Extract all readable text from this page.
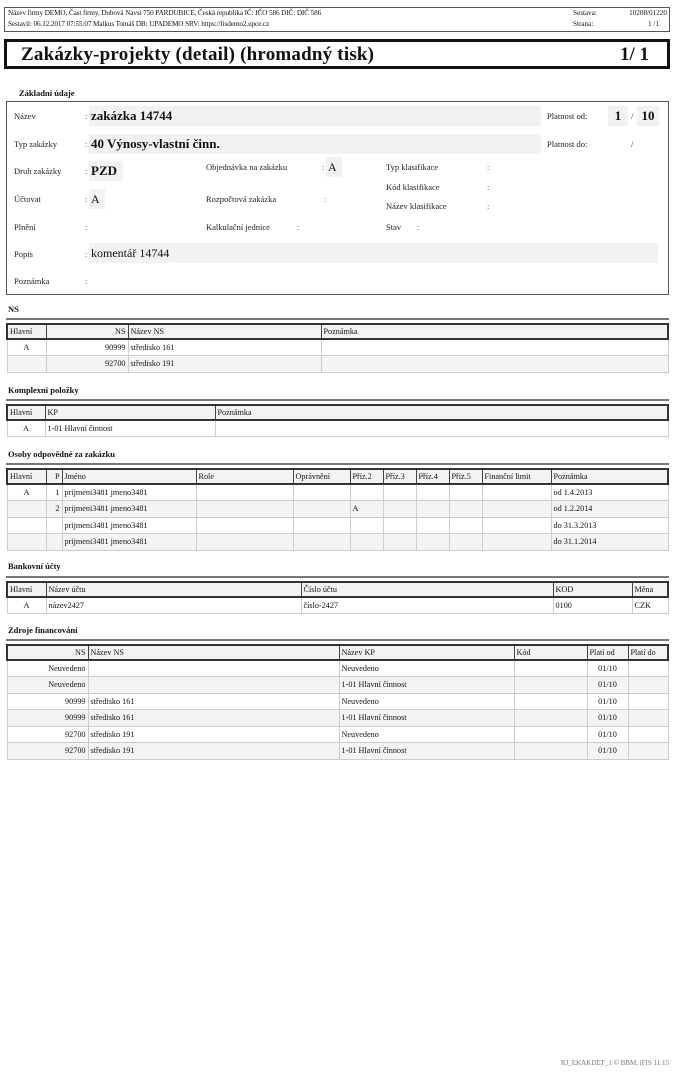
Název firmy DEMO, Čast firmy, Dubová Navsi 750 PARDUBICE, Česká republika IČ: IČO 586 DIČ: DIČ 586
Sestavil: 06.12.2017 07:55:07 Malkus Tomáš DB: UPADEMO SRV: https://fisdemo2.upce.cz
Sestava:	10208/01220
Strana:	1 /1
Zakázky-projekty (detail) (hromadný tisk)	1/ 1
Základní údaje
Název	: zakázka 14744	Platnost od:	1	/ 10
Typ zakázky	: 40 Výnosy-vlastní činn.	Platnost do:	/
Druh zakázky	: PZD	Objednávka na zakázku	: A	Typ klasifikace	:
Kód klasifikace	:
Účtovat	: A	Rozpočtová zakázka	:
Název klasifikace	:
Plnění	:	Kalkulační jednice	:	Stav :
Popis	: komentář 14744
Poznámka	:
NS
Hlavní	NS	Název NS	Poznámka
A	90999	středisko 161	
	92700	středisko 191	
Komplexní položky
Hlavní	KP	Poznámka
A	1-01 Hlavní činnost	
Osoby odpovědné za zakázku
Hlavní	P	Jméno	Role	Oprávnění	Příz.2	Příz.3	Příz.4	Příz.5	Finanční limit	Poznámka
A	1	prijmeni3481 jmeno3481								od 1.4.2013
	2	prijmeni3481 jmeno3481			A					od 1.2.2014
		prijmeni3481 jmeno3481								do 31.3.2013
		prijmeni3481 jmeno3481								do 31.1.2014
Bankovní účty
Hlavní	Název účtu	Číslo účtu	KOD	Měna
A	název2427	číslo-2427	0100	CZK
Zdroje financování
NS	Název NS	Název KP	Kód	Platí od	Platí do
Neuvedeno		Neuvedeno		01/10	
Neuvedeno		1-01 Hlavní činnost		01/10	
90999	středisko 161	Neuvedeno		01/10	
90999	středisko 161	1-01 Hlavní činnost		01/10	
92700	středisko 191	Neuvedeno		01/10	
92700	středisko 191	1-01 Hlavní činnost		01/10	
RJ_EKAKDET_1 © BBM, iFIS 11.15
